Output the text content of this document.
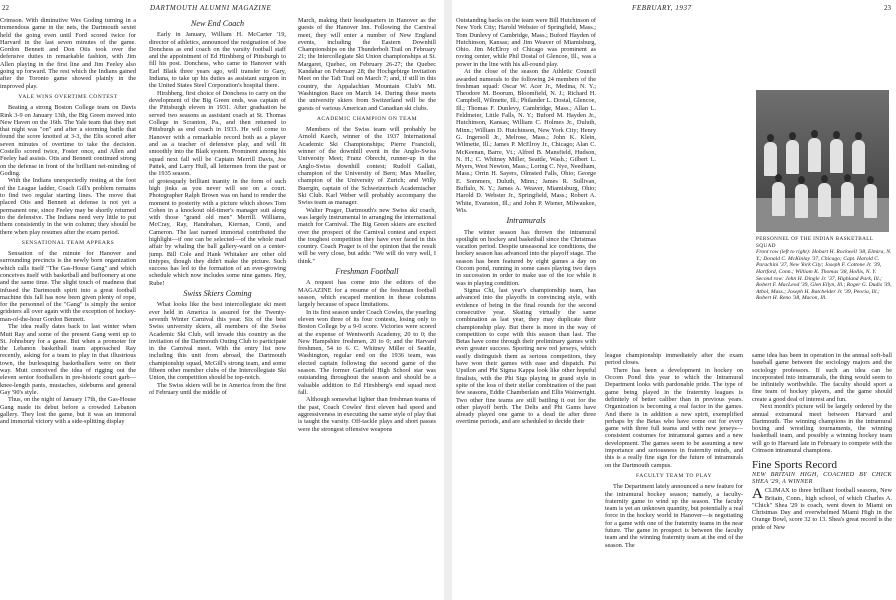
22	DARTMOUTH ALUMNI MAGAZINE

Crimson. With diminutive Wes Goding turning in a tremendous game in the nets, the Dartmouth sextet held the going even until Ford scored twice for Harvard in the last seven minutes of the game. Gordon Bennett and Don Otis took over the defensive duties in remarkable fashion, with Jim Allen playing in the first line and Jim Feeley also going up forward. The rest which the Indians gained after the Toronto game showed plainly in the improved play.

YALE WINS OVERTIME CONTEST

Beating a strong Boston College team on Davis Rink 3-9 on January 13th, the Big Green moved into New Haven on the 16th. The Yale team that they met that night was "on" and after a storming battle that found the score knotted at 3-3, the Elis scored after seven minutes of overtime to take the decision. Costello scored twice, Foster once, and Allen and Feeley had assists. Otis and Bennett continued strong on the defense in front of the brilliant net-minding of Goding.

With the Indians unexpectedly resting at the foot of the League ladder, Coach Gill's problem remains to find two regular starting lines. The move that placed Otis and Bennett at defense is not yet a permanent one, since Feeley may be shortly returned to the defensive. The Indians need very little to put them consistently in the win column; they should be there when play resumes after the exam period.

SENSATIONAL TEAM APPEARS

Sensation of the minute for Hanover and surrounding precincts is the newly born organization which calls itself "The Gas-House Gang" and which conceives itself with basketball and buffoonery at one and the same time. The slight touch of madness that infused the Dartmouth spirit into a great football machine this fall has now been given plenty of rope, for the personnel of the "Gang" is simply the senior gridsters all over again with the exception of hockey-man-of-the-hour Gordon Bennett.

The idea really dates back to last winter when Mutt Ray and some of the present Gang went up to St. Johnsbury for a game. But when a promoter for the Lebanon basketball team approached Ray recently, asking for a team to play in that illustrious town, the burlesquing basketballers were on their way. Mutt conceived the idea of rigging out the eleven senior footballers in pre-historic court garb—knee-length pants, mustaches, sideburns and general Gay '90's style.

Thus, on the night of January 17th, the Gas-House Gang made its debut before a crowded Lebanon gallery. They lost the game, but it was an immoral and immortal victory with a side-splitting display

New End Coach

Early in January, William H. McCarter '19, director of athletics, announced the resignation of Joe Donchess as end coach on the varsity football staff and the appointment of Ed Hirshberg of Pittsburgh to fill his post. Donchess, who came to Hanover with Earl Blaik three years ago, will transfer to Gary, Indiana, to take up his duties as assistant surgeon in the United States Steel Corporation's hospital there.

Hirshberg, first choice of Donchess to carry on the development of the Big Green ends, was captain of the Pittsburgh eleven in 1931. After graduation he served two seasons as assistant coach at St. Thomas College in Scranton, Pa., and then returned to Pittsburgh as end coach in 1933. He will come to Hanover with a remarkable record both as a player and as a teacher of defensive play, and will fit smoothly into the Blaik system. Prominent among his squad next fall will be Captain Merrill Davis, Joe Pattek, and Larry Hull, all lettermen from the past or the 1935 season.

of grotesquely brilliant inanity in the form of such high jinks as you never will see on a court. Photographer Ralph Brown was on hand to render the moment to posterity with a picture which shows Tom Cohen in a knockout old-timer's manager suit along with those "grand old men" Merrill. Williams, McCray, Ray, Handrahan, Kiernan, Conti, and Cameron. The last named immortal contributed the highlight—if one can be selected—of the whole mad affair by whaling the ball gallery-ward on a center-jump. Bill Cole and Hank Whitaker are other old tintypes, though they didn't make the picture. Such success has led to the formation of an ever-growing schedule which now includes some nine games. Hey, Rube!

Swiss Skiers Coming

What looks like the best intercollegiate ski meet ever held in America is assured for the Twenty-seventh Winter Carnival this year. Six of the best Swiss university skiers, all members of the Swiss Academic Ski Club, will invade this country as the invitation of the Dartmouth Outing Club to participate in the Carnival meet. With the entry list now including this unit from abroad, the Dartmouth championship squad, McGill's strong team, and some fifteen other member clubs of the Intercollegiate Ski Union, the competition should be top-notch.

The Swiss skiers will be in America from the first of February until the middle of

March, making their headquarters in Hanover as the guests of the Hanover Inn. Following the Carnival meet, they will enter a number of New England events, including the Eastern Downhill Championships on the Thunderbolt Trail on February 21; the Intercollegiate Ski Union championships at St. Margaret, Quebec, on February 26-27; the Quebec Kandahar on February 28; the Hochgebirge Invitation Meet on the Taft Trail on March 7; and, if still in this country, the Appalachian Mountain Club's Mt. Washington Race on March 14. During these meets the university skiers from Switzerland will be the guests of various American and Canadian ski clubs.

ACADEMIC CHAMPION ON TEAM

Members of the Swiss team will probably be Arnold Kaech, winner of the 1937 International Academic Ski Championships; Pierre Francioli, winner of the downhill event in the Anglo-Swiss University Meet; Franz Obrecht, runner-up in the Anglo-Swiss downhill contest; Rudolf Gallati, champion of the University of Bern; Max Mueller, champion of the University of Zurich; and Willy Buergin, captain of the Schweizerisch Academischer Ski Club. Karl Weber will probably accompany the Swiss team as manager.

Walter Prager, Dartmouth's new Swiss ski coach, was largely instrumental in arranging the international match for Carnival. The Big Green skiers are excited over the prospect of the Carnival contest and expect the toughest competition they have ever faced in this country. Coach Prager is of the opinion that the result will be very close, but adds: "We will do very well, I think."

Freshman Football

A request has come into the editors of the MAGAZINE for a resume of the freshman football season, which escaped mention in these columns largely because of space limitations.

In its first season under Coach Cowles, the yearling eleven won three of its four contests, losing only to Boston College by a 9-0 score. Victories were scored at the expense of Wentworth Academy, 20 to 0; the New Hampshire freshmen, 20 to 0; and the Harvard freshmen, 54 to 6. C. Whitney Miller of Seattle, Washington, regular end on the 1936 team, was elected captain following the second game of the season. The former Garfield High School star was outstanding throughout the season and should be a valuable addition to Ed Hirshberg's end squad next fall.

Although somewhat lighter than freshman teams of the past, Coach Cowles' first eleven had speed and aggressiveness in executing the same style of play that is taught the varsity. Off-tackle plays and short passes were the strongest offensive weapons

FEBRUARY, 1937	23

Outstanding backs on the team were Bill Hutchinson of New York City; Harold Webster of Springfield, Mass.; Tom Dunlevy of Cambridge, Mass.; Buford Hayden of Hutchinson, Kansas; and Jim Weaver of Miamisburg, Ohio. Jim McElroy of Chicago was prominent as roving center, while Phil Dostal of Glencoe, Ill., was a power in the line with his all-round play.

At the close of the season the Athletic Council awarded numerals to the following 24 members of the freshman squad: Oscar W. Acer Jr., Medina, N. Y.; Theodore M. Boorum, Bloomfield, N. J.; Richard H. Campbell, Wilmette, Ill.; Philander L. Dostal, Glencoe, Ill.; Thomas F. Dunlevy, Cambridge, Mass.; Allan L. Feldmeier, Little Falls, N. Y.; Buford M. Hayden Jr., Hutchinson, Kansas; William C. Holmes Jr., Duluth, Minn.; William D. Hutchinson, New York City; Henry G. Ingersoll Jr., Melrose, Mass.; John K. Klein, Wilmette, Ill.; James P. McElroy Jr., Chicago; Alan C. McKeenan, Barre, Vt.; Alfred B. Mansfield, Hudson, N. H.; C. Whitney Miller, Seattle, Wash.; Gilbert L. Myers, West Newton, Mass.; Loring C. Nye, Needham, Mass.; Orrin H. Sayers, Olmsted Falls, Ohio; George E. Sommers, Duluth, Minn.; James R. Sullivan, Buffalo, N. Y.; James A. Weaver, Miamisburg, Ohio; Harold D. Webster Jr., Springfield, Mass.; Robert A. White, Evanston, Ill.; and John P. Wiener, Milwaukee, Wis.

Intramurals

The winter season has thrown the intramural spotlight on hockey and basketball since the Christmas vacation period. Despite unseasonal ice conditions, the hockey season has advanced into the playoff stage. The season has been featured by eight games a day on Occom pond, running in some cases playing two days in succession in order to make use of the ice while it was in playing condition.

Sigma Chi, last year's championship team, has advanced into the playoffs in convincing style, with evidence of being in the final rounds for the second consecutive year. Skating virtually the same combination as last year, they may duplicate their championship play. But there is more in the way of competition to cope with this season than last. The Betas have come through their preliminary games with even greater success. Sporting new red jerseys, which easily distinguish them as serious competitors, they have won their games with ease and dispatch. Psi Upsilon and Phi Sigma Kappa look like other hopeful finalists, with the Phi Sigs playing in grand style in spite of the loss of their stellar combination of the past few seasons, Eddie Chamberlain and Ellis Wainwright. Two other fine teams are still battling it out for the other playoff berth. The Delts and Phi Gams have already played one game to a dead tie after three overtime periods, and are scheduled to decide their

PERSONNEL OF THE INDIAN BASKETBALL SQUAD
Front row (left to right): Hobart H. Rockwell '38, Elmira, N. Y.; Donald C. McKinlay '37, Chicago; Capt. Harold C. Parachini '37, New York City; Joseph F. Cottone Jr. '39, Hartford, Conn.; William K. Thomas '38, Hollis, N. Y. Second row: John H. Dingle Jr. '37, Highland Park, Ill.; Robert F. MacLeod '39, Glen Ellyn, Ill.; Roger G. Dudis '39, Athol, Mass.; Joseph H. Batchelder Jr. '39, Peoria, Ill.; Robert H. Reno '38, Macon, Ill.

league championship immediately after the exam period closes.

There has been a development in hockey on Occom Pond this year to which the Intramural Department looks with pardonable pride. The type of game being played in the fraternity leagues is definitely of better caliber than in previous years. Organization is becoming a real factor in the games. And there is in addition a new spirit, exemplified perhaps by the Betas who have come out for every game with three full teams and with new jerseys—consistent costumes for intramural games and a new development. The games seem to be assuming a new importance and seriousness in fraternity minds, and this is a really fine sign for the future of intramurals on the Dartmouth campus.

FACULTY TEAM TO PLAY

The Department lately announced a new feature for the intramural hockey season; namely, a faculty-fraternity game to wind up the season. The faculty team is yet an unknown quantity, but potentially a real force in the hockey world in Hanover—is negotiating for a game with one of the fraternity teams in the near future. The game in prospect is between the faculty team and the winning fraternity team at the end of the season. The

same idea has been in operation in the annual soft-ball baseball game between the sociology majors and the sociology professors. If such an idea can be incorporated into intramurals, the thing would seem to be infinitely worthwhile. The faculty should sport a fine team of hockey players, and the game should create a good deal of interest and fun.

Next month's picture will be largely ordered by the annual extramural meet between Harvard and Dartmouth. The winning champions in the intramural boxing and wrestling tournaments, the winning basketball team, and possibly a winning hockey team will go to Harvard late in February to compete with the Crimson intramural champions.

Fine Sports Record
NEW BRITAIN HIGH, COACHED BY CHICK SHEA '29, A WINNER

ACLIMAX to three brilliant football seasons, New Britain, Conn., high school, of which Charles A. "Chick" Shea '29 is coach, went down to Miami on Christmas Day and overwhelmed Miami High in the Orange Bowl, score 32 to 13. Shea's great record is the pride of New
